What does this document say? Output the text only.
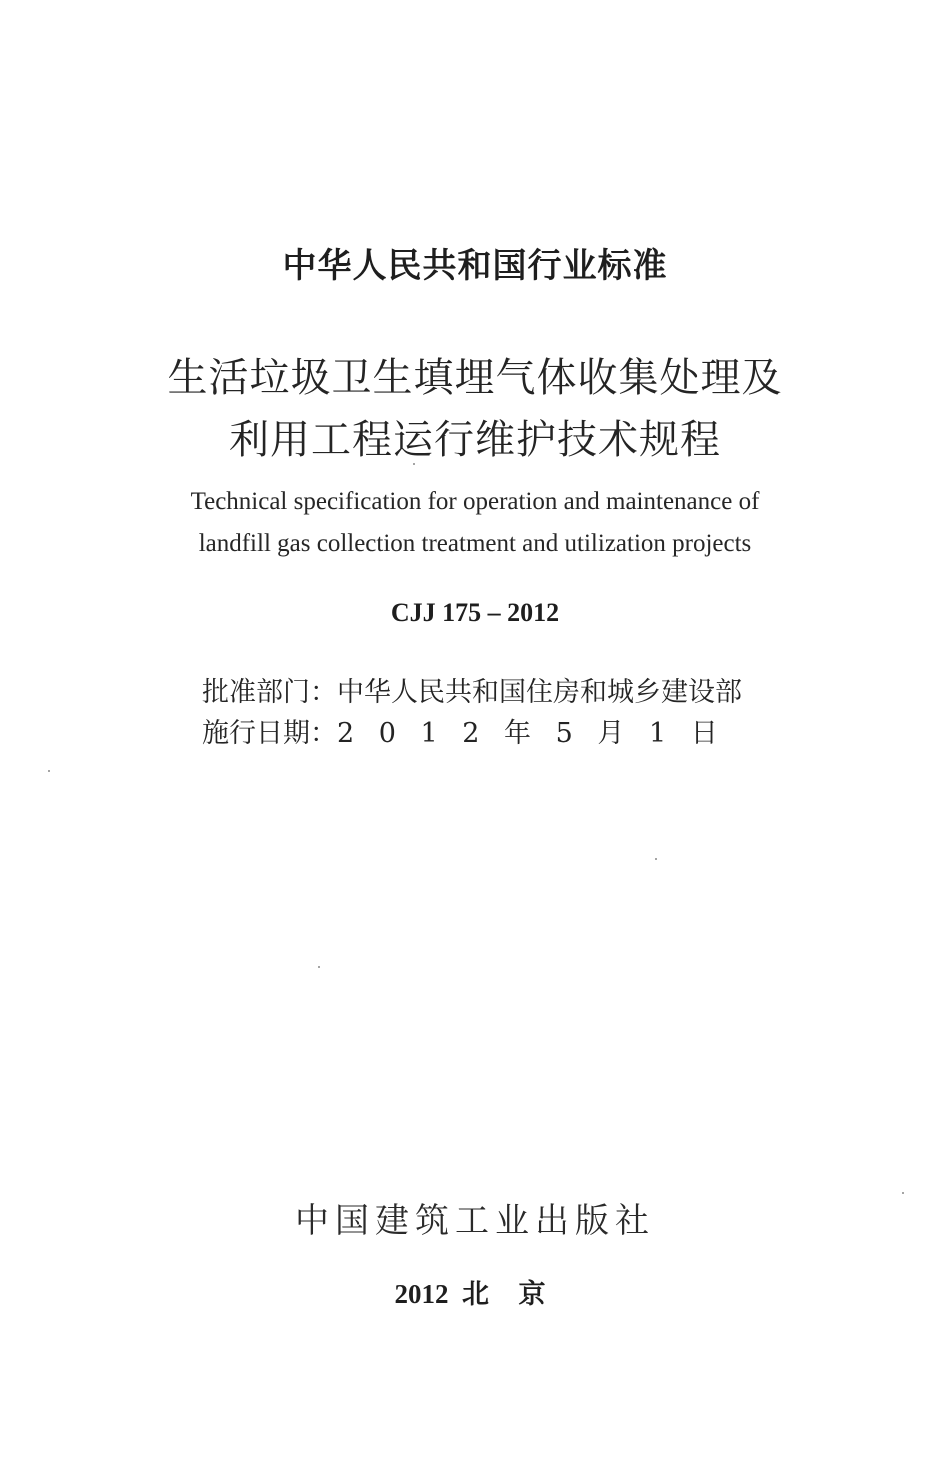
中华人民共和国行业标准
生活垃圾卫生填埋气体收集处理及
利用工程运行维护技术规程
Technical specification for operation and maintenance of
landfill gas collection treatment and utilization projects
CJJ 175 – 2012
批准部门：中华人民共和国住房和城乡建设部
施行日期：2 0 1 2 年 5 月 1 日
中国建筑工业出版社
2012 北 京
